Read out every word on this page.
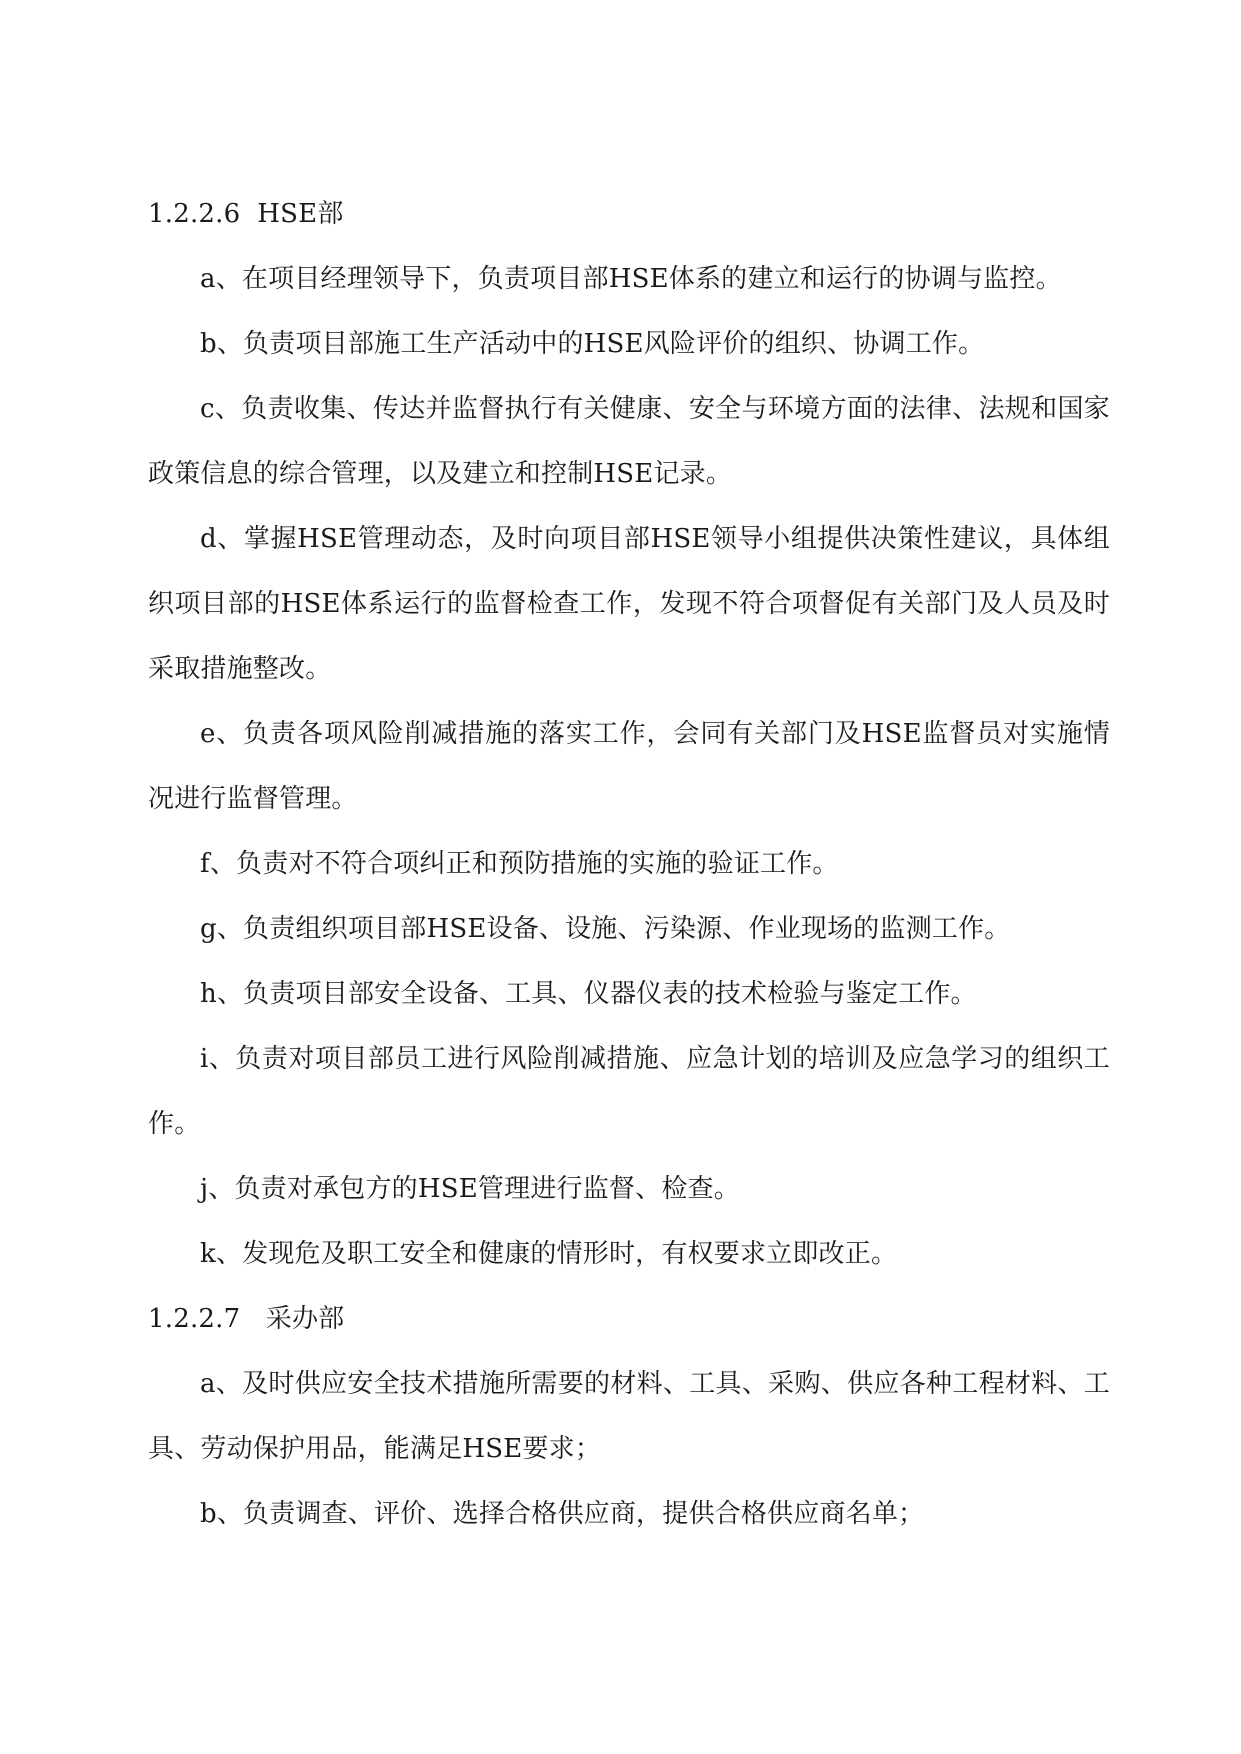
1.2.2.6  HSE部

a、在项目经理领导下，负责项目部HSE体系的建立和运行的协调与监控。

b、负责项目部施工生产活动中的HSE风险评价的组织、协调工作。

c、负责收集、传达并监督执行有关健康、安全与环境方面的法律、法规和国家政策信息的综合管理，以及建立和控制HSE记录。

d、掌握HSE管理动态，及时向项目部HSE领导小组提供决策性建议，具体组织项目部的HSE体系运行的监督检查工作，发现不符合项督促有关部门及人员及时采取措施整改。

e、负责各项风险削减措施的落实工作，会同有关部门及HSE监督员对实施情况进行监督管理。

f、负责对不符合项纠正和预防措施的实施的验证工作。

g、负责组织项目部HSE设备、设施、污染源、作业现场的监测工作。

h、负责项目部安全设备、工具、仪器仪表的技术检验与鉴定工作。

i、负责对项目部员工进行风险削减措施、应急计划的培训及应急学习的组织工作。

j、负责对承包方的HSE管理进行监督、检查。

k、发现危及职工安全和健康的情形时，有权要求立即改正。

1.2.2.7   采办部

a、及时供应安全技术措施所需要的材料、工具、采购、供应各种工程材料、工具、劳动保护用品，能满足HSE要求；

b、负责调查、评价、选择合格供应商，提供合格供应商名单；
